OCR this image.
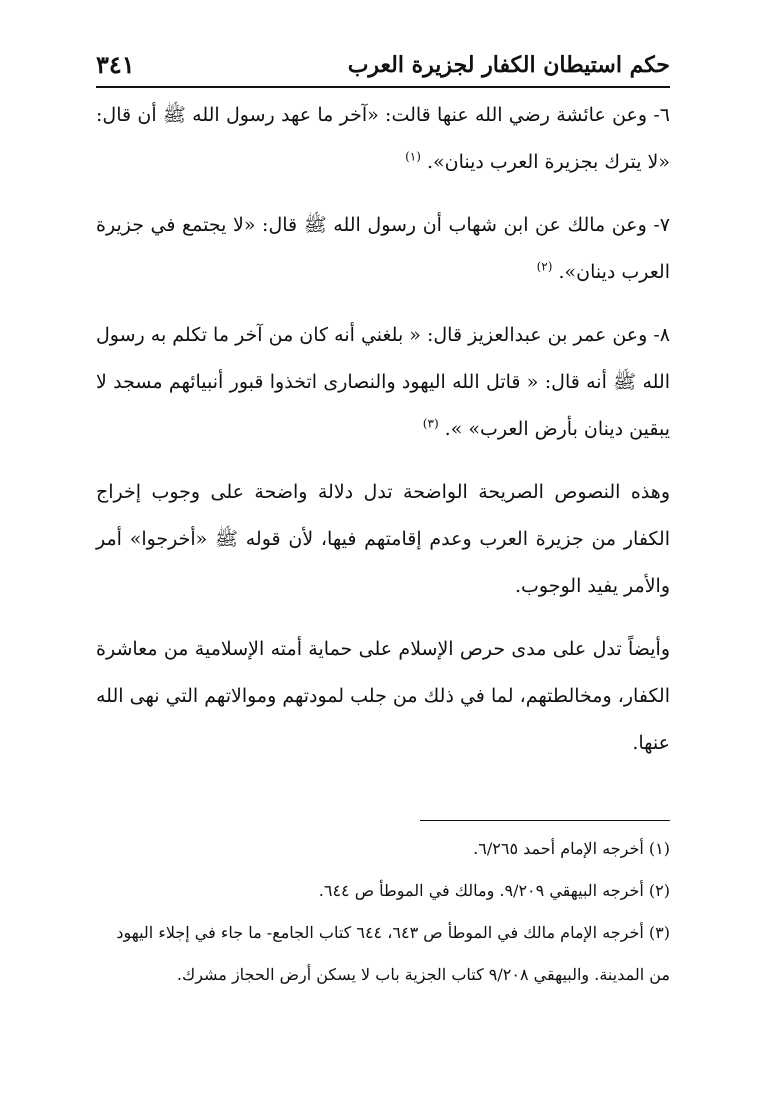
حكم استيطان الكفار لجزيرة العرب
٣٤١

٦- وعن عائشة رضي الله عنها قالت: «آخر ما عهد رسول الله ﷺ أن قال: «لا يترك بجزيرة العرب دينان». $^{(١)}$

٧- وعن مالك عن ابن شهاب أن رسول الله ﷺ قال: «لا يجتمع في جزيرة العرب دينان». $^{(٢)}$

٨- وعن عمر بن عبدالعزيز قال: « بلغني أنه كان من آخر ما تكلم به رسول الله ﷺ أنه قال: « قاتل الله اليهود والنصارى اتخذوا قبور أنبيائهم مسجد لا يبقين دينان بأرض العرب» ». $^{(٣)}$

وهذه النصوص الصريحة الواضحة تدل دلالة واضحة على وجوب إخراج الكفار من جزيرة العرب وعدم إقامتهم فيها، لأن قوله ﷺ «أخرجوا» أمر والأمر يفيد الوجوب.

وأيضاً تدل على مدى حرص الإسلام على حماية أمته الإسلامية من معاشرة الكفار، ومخالطتهم، لما في ذلك من جلب لمودتهم وموالاتهم التي نهى الله عنها.

(١) أخرجه الإمام أحمد ٦/٢٦٥.

(٢) أخرجه البيهقي ٩/٢٠٩. ومالك في الموطأ ص ٦٤٤.

(٣) أخرجه الإمام مالك في الموطأ ص ٦٤٣، ٦٤٤ كتاب الجامع- ما جاء في إجلاء اليهود من المدينة. والبيهقي ٩/٢٠٨ كتاب الجزية باب لا يسكن أرض الحجاز مشرك.
